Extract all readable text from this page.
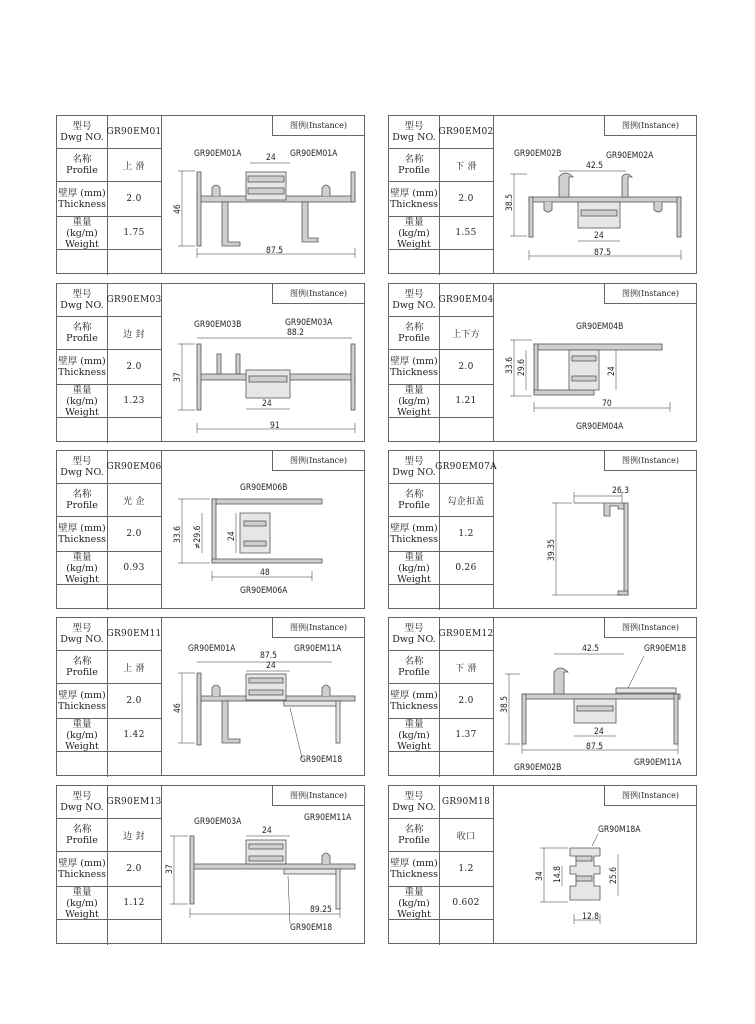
型号
Dwg NO. GR90EM01
名称
Profile	上 滑
壁厚 (mm)
Thickness	2.0
重量 (kg/m)
Weight
1.75
图例(Instance)
GR90EM01A	GR90EM01A
24
46
87.5
型号
Dwg NO. GR90EM02
名称
Profile	下 滑
壁厚 (mm)
Thickness	2.0
重量 (kg/m)
Weight
1.55
图例(Instance)
GR90EM02B	GR90EM02A
42.5
38.5
24
87.5
型号
Dwg NO. GR90EM03
名称
Profile	边 封
壁厚 (mm)
Thickness	2.0
重量 (kg/m)
Weight
1.23
图例(Instance)
GR90EM03B	GR90EM03A
88.2
37
24
91
型号
Dwg NO. GR90EM04
名称
Profile	上下方
壁厚 (mm)
Thickness	2.0
重量 (kg/m)
Weight
1.21
图例(Instance)
GR90EM04B
GR90EM04A
33.6 29.6	24
70
型号
Dwg NO. GR90EM06
名称
Profile	光 企
壁厚 (mm)
Thickness	2.0
重量 (kg/m)
Weight
0.93
图例(Instance)
GR90EM06B
GR90EM06A
33.6 ≠29.6	24
48
型号
Dwg NO. GR90EM07A
名称
Profile	勾企扣盖
壁厚 (mm)
Thickness	1.2
重量 (kg/m)
Weight
0.26
图例(Instance)
26.3
39.35
型号
Dwg NO. GR90EM11
名称
Profile	上 滑
壁厚 (mm)
Thickness	2.0
重量 (kg/m)
Weight
1.42
图例(Instance)
GR90EM01A	GR90EM11A
GR90EM18
87.5
24
46
型号
Dwg NO. GR90EM12
名称
Profile	下 滑
壁厚 (mm)
Thickness	2.0
重量 (kg/m)
Weight
1.37
图例(Instance)
GR90EM18
GR90EM02B	GR90EM11A
42.5
38.5
24
87.5
型号
Dwg NO. GR90EM13
名称
Profile	边 封
壁厚 (mm)
Thickness	2.0
重量 (kg/m)
Weight
1.12
图例(Instance)
GR90EM03A	GR90EM11A
GR90EM18
24
37
89.25
型号
Dwg NO. GR90M18
名称
Profile	收口
壁厚 (mm)
Thickness	1.2
重量 (kg/m)
Weight
0.602
图例(Instance)
GR90M18A
34 14.8	25.6
12.8
